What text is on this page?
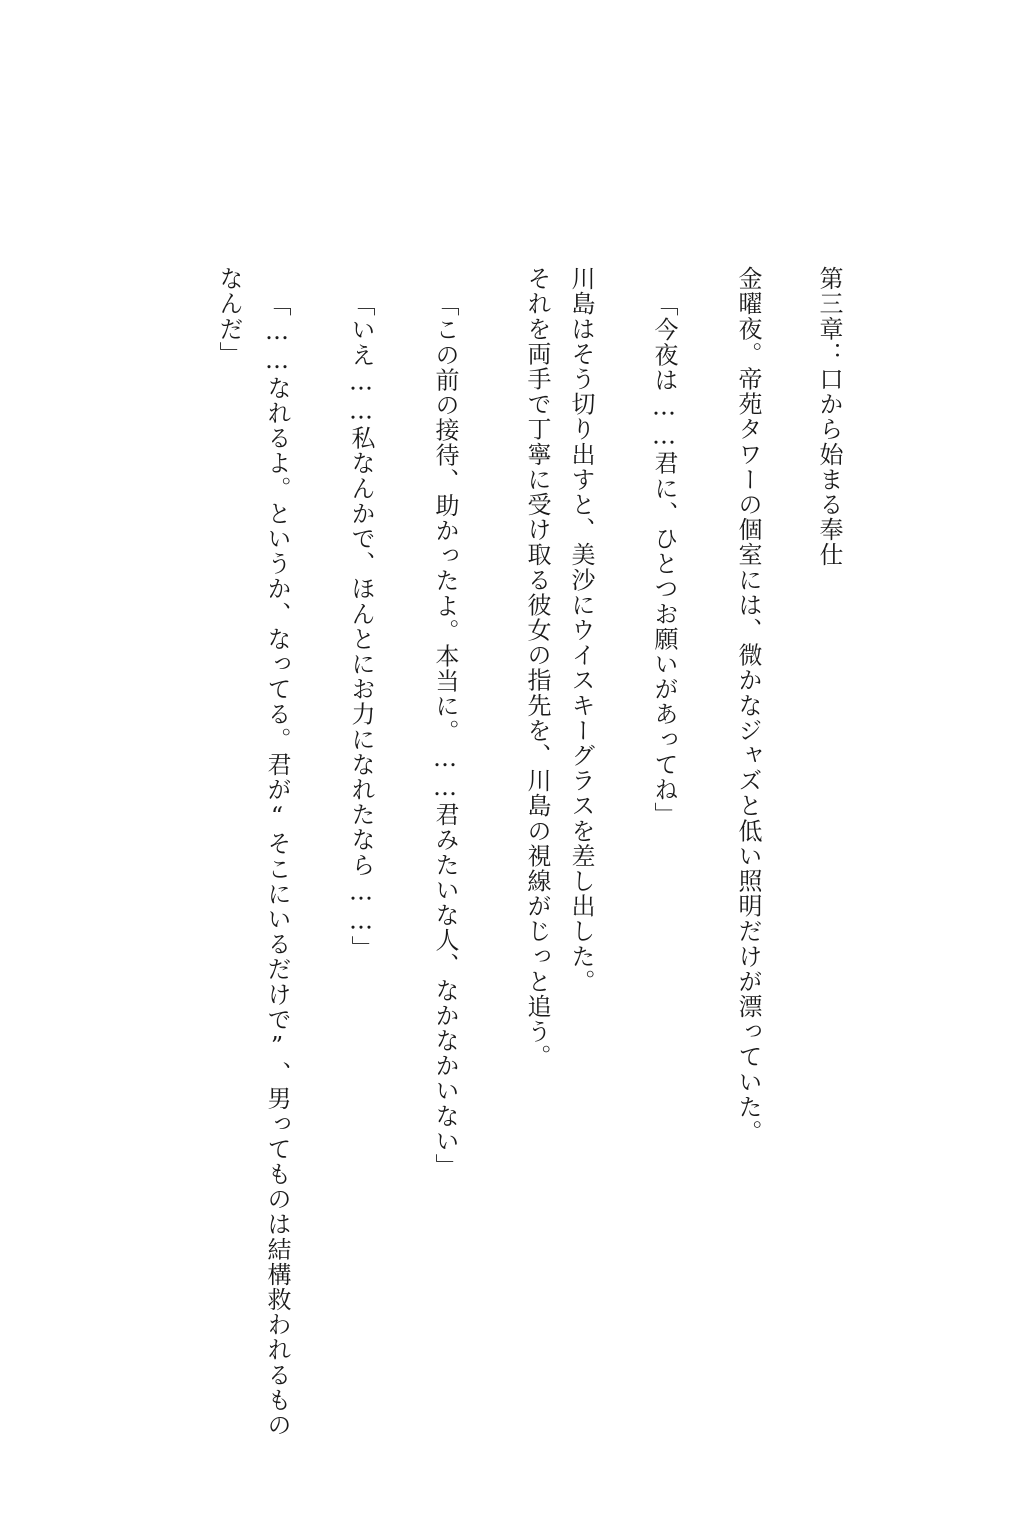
第三章：口から始まる奉仕
金曜夜。帝苑タワーの個室には、微かなジャズと低い照明だけが漂っていた。
「今夜は……君に、ひとつお願いがあってね」
川島はそう切り出すと、美沙にウイスキーグラスを差し出した。
それを両手で丁寧に受け取る彼女の指先を、川島の視線がじっと追う。
「この前の接待、助かったよ。本当に。……君みたいな人、なかなかいない」
「いえ……私なんかで、ほんとにお力になれたなら……」
「……なれるよ。というか、なってる。君が“そこにいるだけで”、男ってものは結構救われるもの
なんだ」
